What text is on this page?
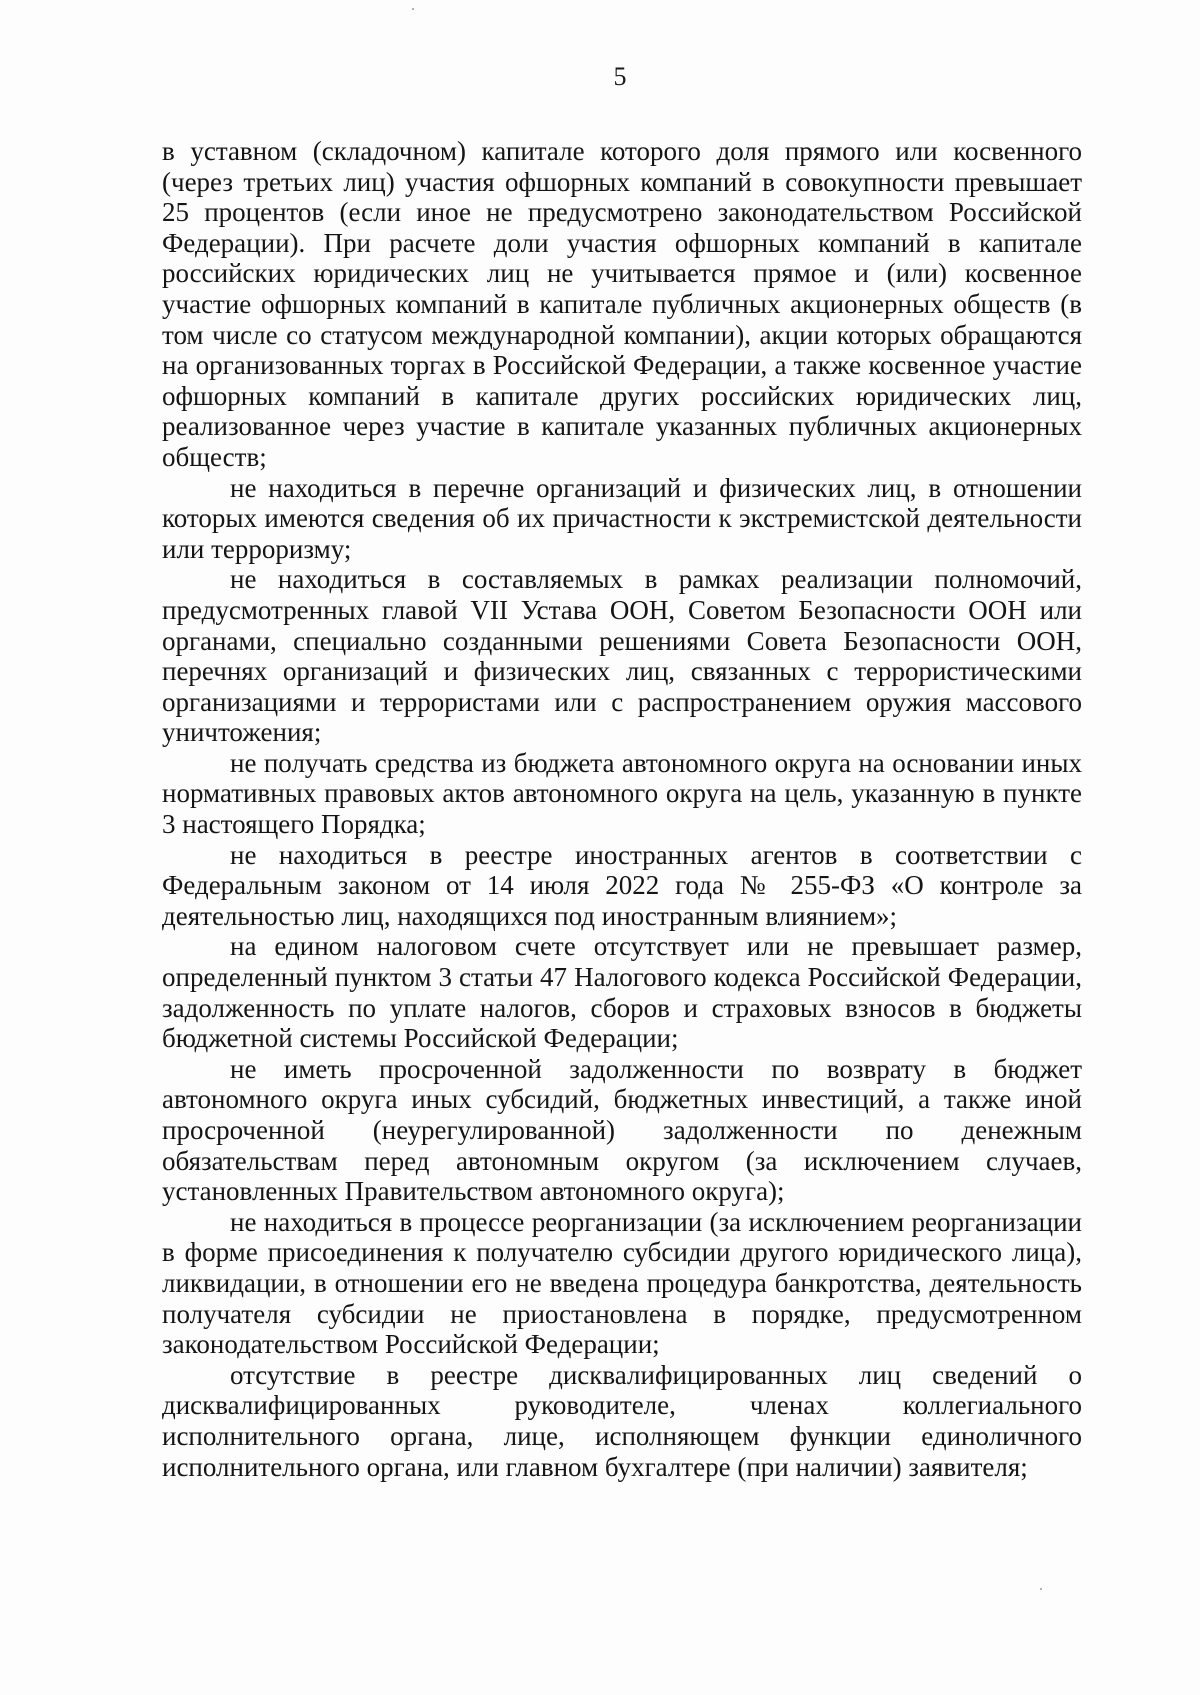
5

в уставном (складочном) капитале которого доля прямого или косвенного (через третьих лиц) участия офшорных компаний в совокупности превышает 25 процентов (если иное не предусмотрено законодательством Российской Федерации). При расчете доли участия офшорных компаний в капитале российских юридических лиц не учитывается прямое и (или) косвенное участие офшорных компаний в капитале публичных акционерных обществ (в том числе со статусом международной компании), акции которых обращаются на организованных торгах в Российской Федерации, а также косвенное участие офшорных компаний в капитале других российских юридических лиц, реализованное через участие в капитале указанных публичных акционерных обществ;

не находиться в перечне организаций и физических лиц, в отношении которых имеются сведения об их причастности к экстремистской деятельности или терроризму;

не находиться в составляемых в рамках реализации полномочий, предусмотренных главой VII Устава ООН, Советом Безопасности ООН или органами, специально созданными решениями Совета Безопасности ООН, перечнях организаций и физических лиц, связанных с террористическими организациями и террористами или с распространением оружия массового уничтожения;

не получать средства из бюджета автономного округа на основании иных нормативных правовых актов автономного округа на цель, указанную в пункте 3 настоящего Порядка;

не находиться в реестре иностранных агентов в соответствии с Федеральным законом от 14 июля 2022 года № 255-ФЗ «О контроле за деятельностью лиц, находящихся под иностранным влиянием»;

на едином налоговом счете отсутствует или не превышает размер, определенный пунктом 3 статьи 47 Налогового кодекса Российской Федерации, задолженность по уплате налогов, сборов и страховых взносов в бюджеты бюджетной системы Российской Федерации;

не иметь просроченной задолженности по возврату в бюджет автономного округа иных субсидий, бюджетных инвестиций, а также иной просроченной (неурегулированной) задолженности по денежным обязательствам перед автономным округом (за исключением случаев, установленных Правительством автономного округа);

не находиться в процессе реорганизации (за исключением реорганизации в форме присоединения к получателю субсидии другого юридического лица), ликвидации, в отношении его не введена процедура банкротства, деятельность получателя субсидии не приостановлена в порядке, предусмотренном законодательством Российской Федерации;

отсутствие в реестре дисквалифицированных лиц сведений о дисквалифицированных руководителе, членах коллегиального исполнительного органа, лице, исполняющем функции единоличного исполнительного органа, или главном бухгалтере (при наличии) заявителя;
